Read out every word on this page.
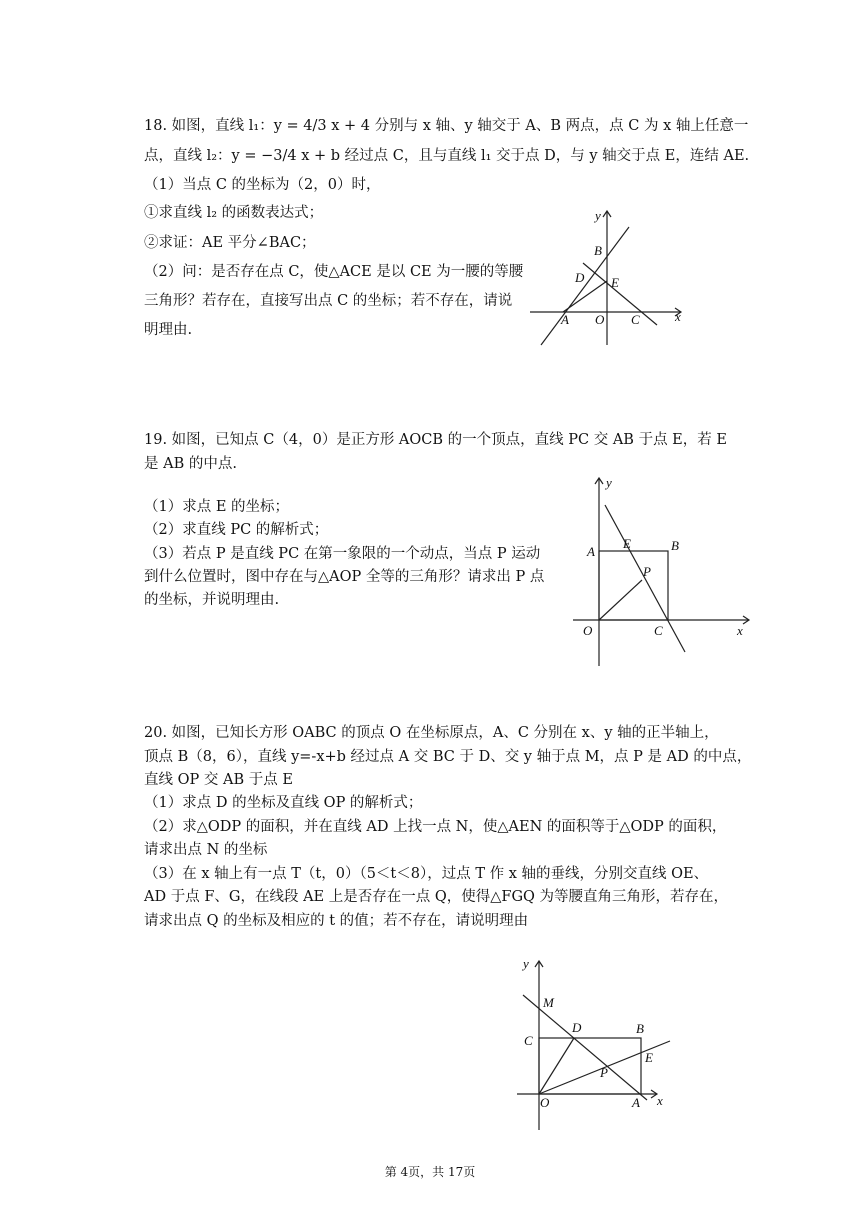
18. 如图，直线 l₁：y = 4/3 x + 4 分别与 x 轴、y 轴交于 A、B 两点，点 C 为 x 轴上任意一
点，直线 l₂：y = −3/4 x + b 经过点 C，且与直线 l₁ 交于点 D，与 y 轴交于点 E，连结 AE.
（1）当点 C 的坐标为（2，0）时，
①求直线 l₂ 的函数表达式；
②求证：AE 平分∠BAC；
（2）问：是否存在点 C，使△ACE 是以 CE 为一腰的等腰
三角形？若存在，直接写出点 C 的坐标；若不存在，请说
明理由.
y
B
D E
A O C	x
19. 如图，已知点 C（4，0）是正方形 AOCB 的一个顶点，直线 PC 交 AB 于点 E，若 E
是 AB 的中点.
（1）求点 E 的坐标；
（2）求直线 PC 的解析式；
（3）若点 P 是直线 PC 在第一象限的一个动点，当点 P 运动
到什么位置时，图中存在与△AOP 全等的三角形？请求出 P 点
的坐标，并说明理由.
y
A
E	B
P
O	C	x
20. 如图，已知长方形 OABC 的顶点 O 在坐标原点，A、C 分别在 x、y 轴的正半轴上，
顶点 B（8，6），直线 y=-x+b 经过点 A 交 BC 于 D、交 y 轴于点 M，点 P 是 AD 的中点，
直线 OP 交 AB 于点 E
（1）求点 D 的坐标及直线 OP 的解析式；
（2）求△ODP 的面积，并在直线 AD 上找一点 N，使△AEN 的面积等于△ODP 的面积，
请求出点 N 的坐标
（3）在 x 轴上有一点 T（t，0）（5＜t＜8），过点 T 作 x 轴的垂线，分别交直线 OE、
AD 于点 F、G，在线段 AE 上是否存在一点 Q，使得△FGQ 为等腰直角三角形，若存在，
请求出点 Q 的坐标及相应的 t 的值；若不存在，请说明理由
y
M
C
D	B
E
P
O	A x
第 4页，共 17页
